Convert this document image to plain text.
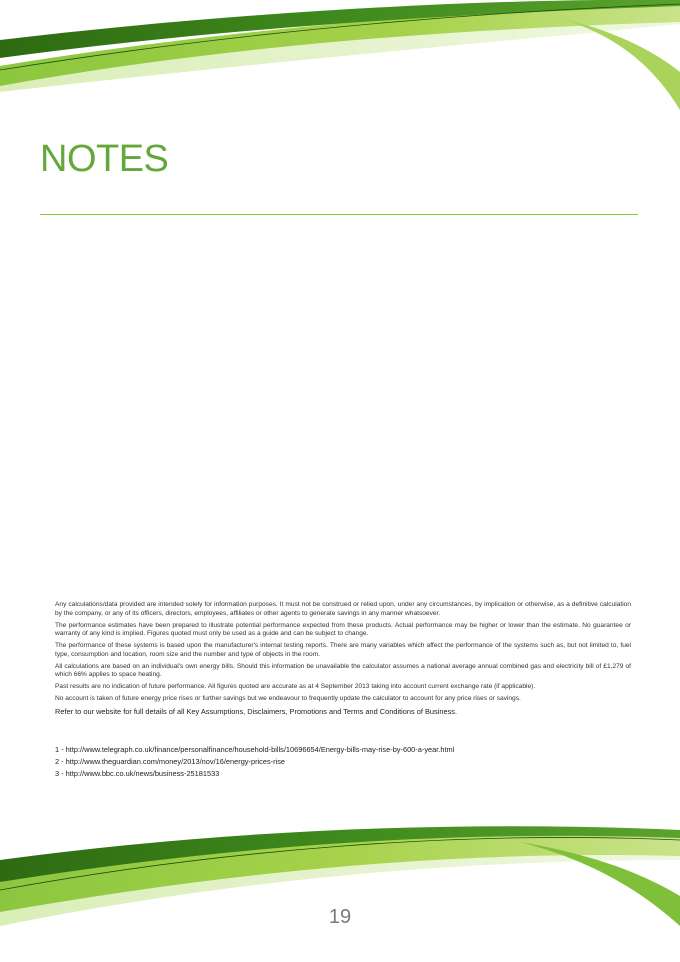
NOTES

Any calculations/data provided are intended solely for information purposes. It must not be construed or relied upon, under any circumstances, by implication or otherwise, as a definitive calculation by the company, or any of its officers, directors, employees, affiliates or other agents to generate savings in any manner whatsoever.

The performance estimates have been prepared to illustrate potential performance expected from these products. Actual performance may be higher or lower than the estimate. No guarantee or warranty of any kind is implied. Figures quoted must only be used as a guide and can be subject to change.

The performance of these systems is based upon the manufacturer's internal testing reports. There are many variables which affect the performance of the systems such as, but not limited to, fuel type, consumption and location, room size and the number and type of objects in the room.

All calculations are based on an individual's own energy bills. Should this information be unavailable the calculator assumes a national average annual combined gas and electricity bill of £1,279 of which 66% applies to space heating.

Past results are no indication of future performance. All figures quoted are accurate as at 4 September 2013 taking into account current exchange rate (if applicable).

No account is taken of future energy price rises or further savings but we endeavour to frequently update the calculator to account for any price rises or savings.

Refer to our website for full details of all Key Assumptions, Disclaimers, Promotions and Terms and Conditions of Business.

1 - http://www.telegraph.co.uk/finance/personalfinance/household-bills/10696654/Energy-bills-may-rise-by-600-a-year.html
2 - http://www.theguardian.com/money/2013/nov/16/energy-prices-rise
3 - http://www.bbc.co.uk/news/business-25181533
19
